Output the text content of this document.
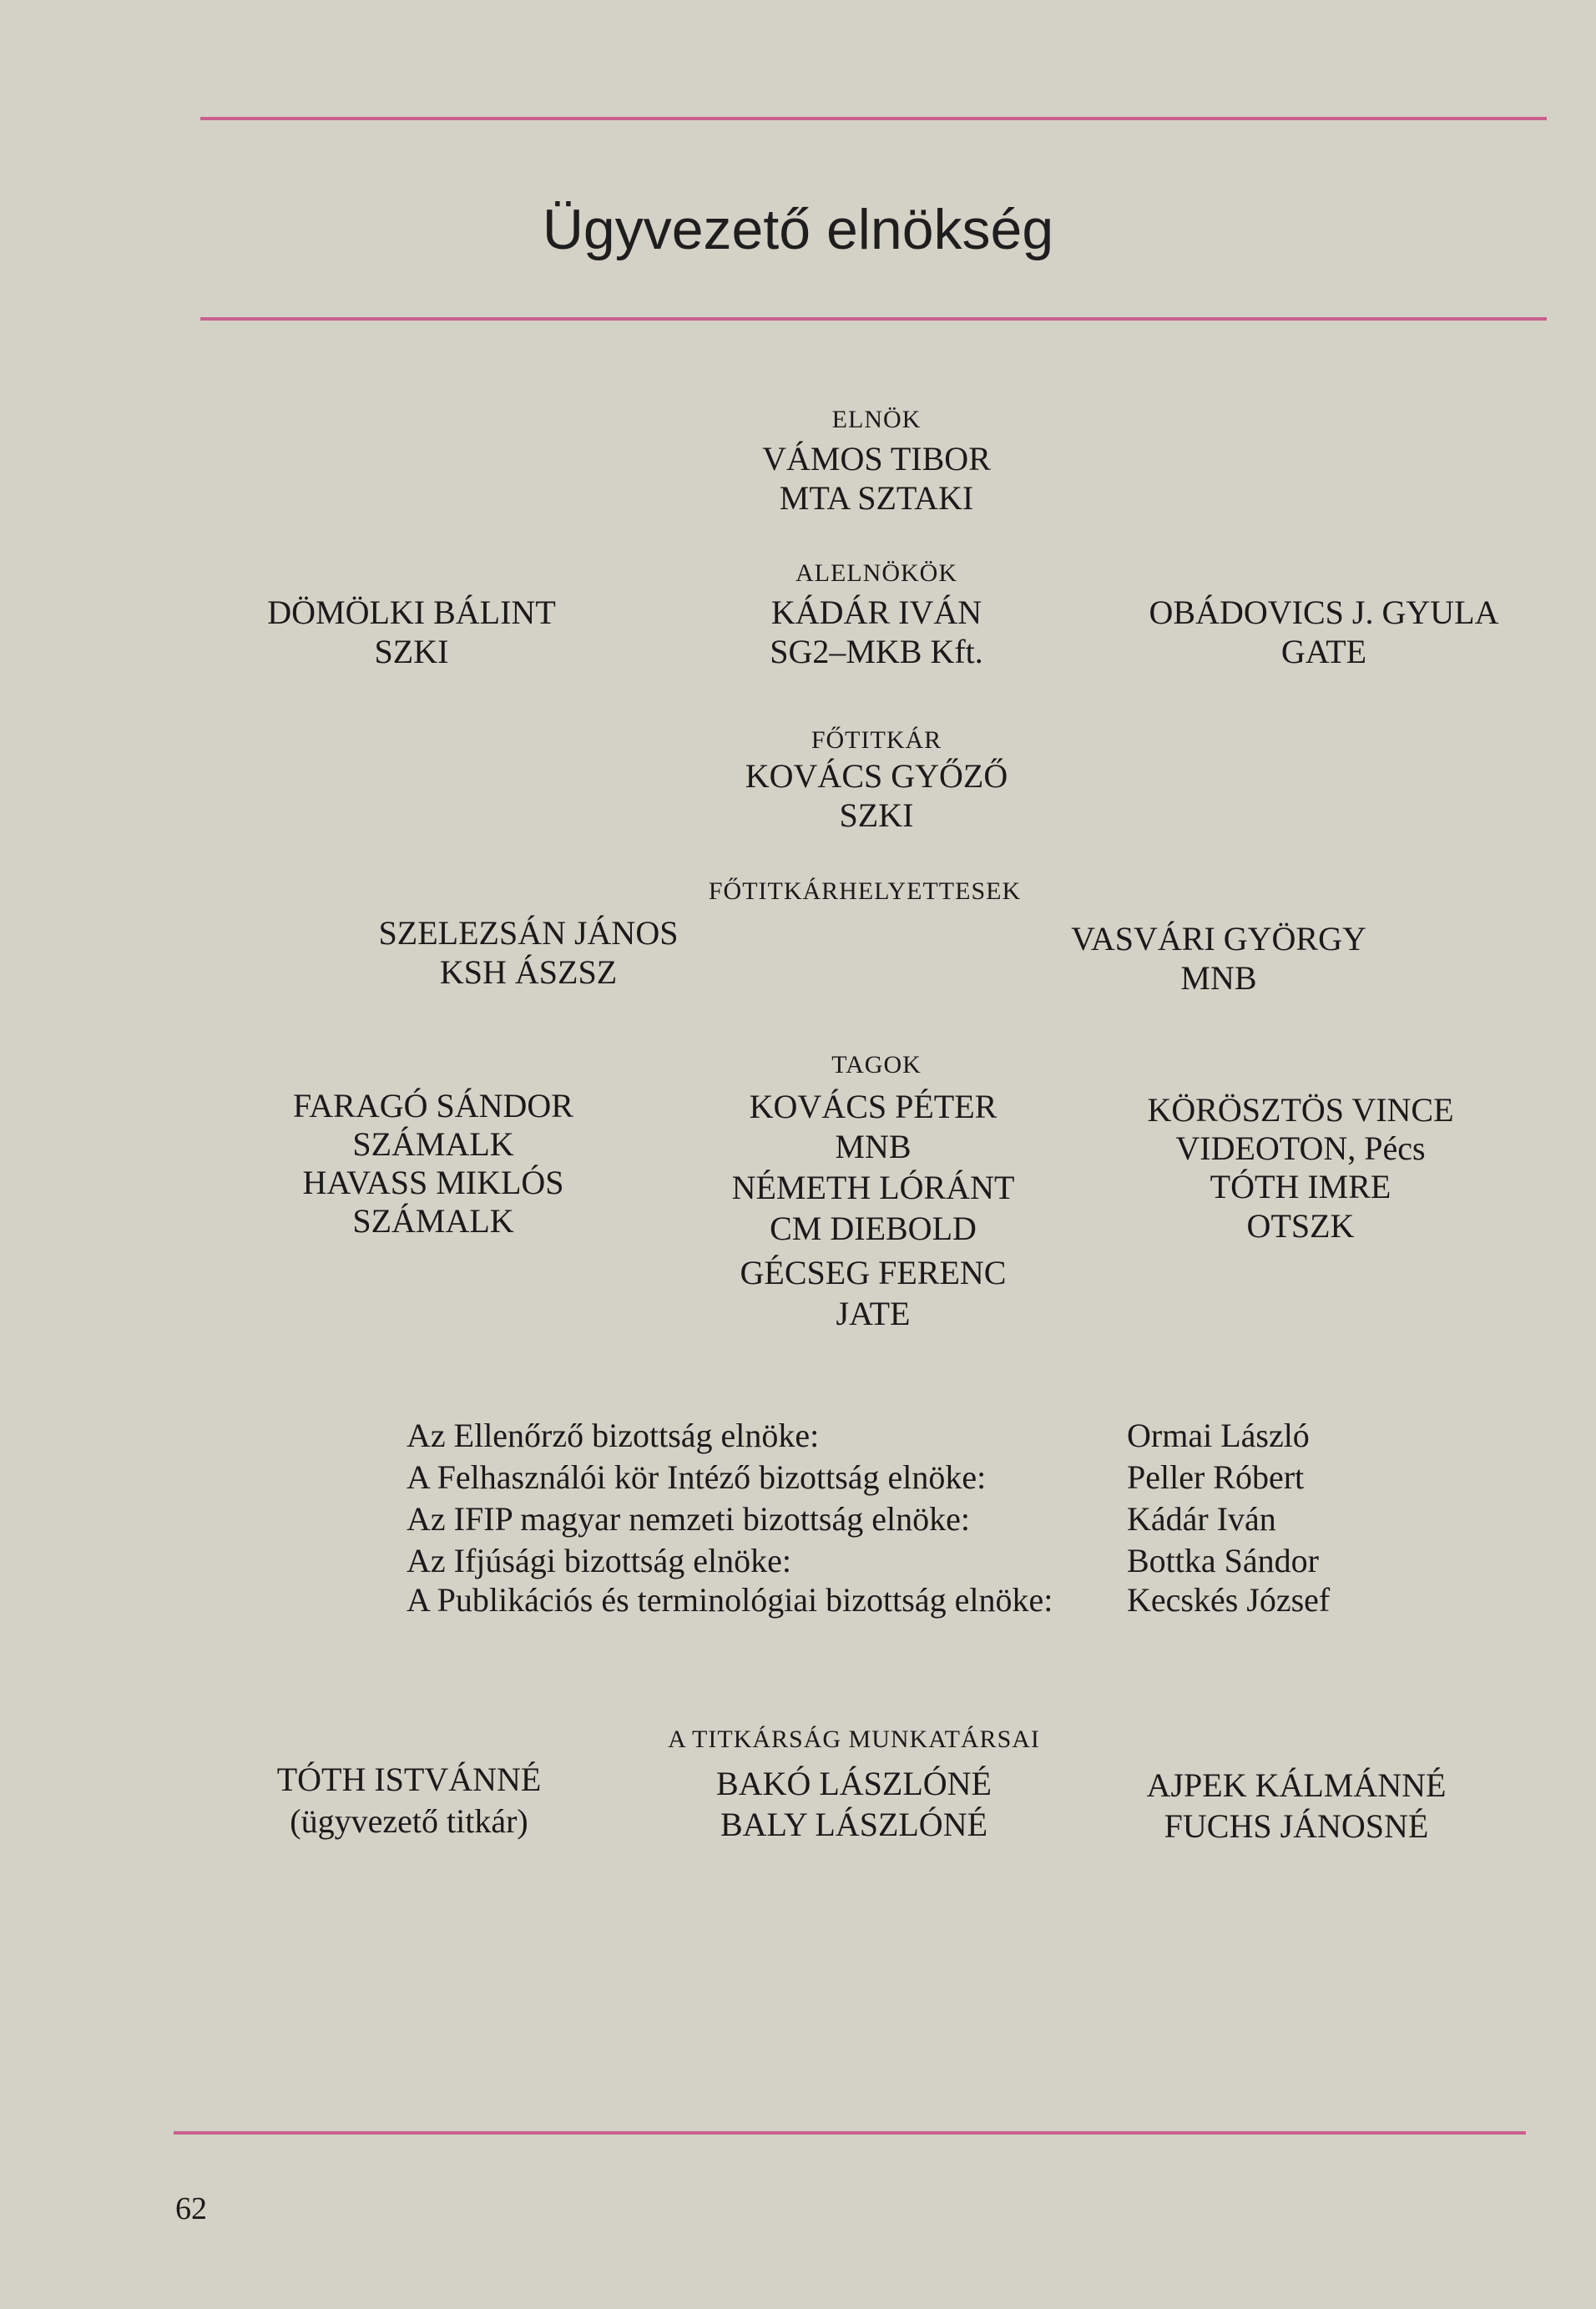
Ügyvezető elnökség
ELNÖK
VÁMOS TIBOR
MTA SZTAKI
ALELNÖKÖK
DÖMÖLKI BÁLINT
SZKI
KÁDÁR IVÁN
SG2–MKB Kft.
OBÁDOVICS J. GYULA
GATE
FŐTITKÁR
KOVÁCS GYŐZŐ
SZKI
FŐTITKÁRHELYETTESEK
SZELEZSÁN JÁNOS
KSH ÁSZSZ
VASVÁRI GYÖRGY
MNB
TAGOK
FARAGÓ SÁNDOR
SZÁMALK
HAVASS MIKLÓS
SZÁMALK
KOVÁCS PÉTER
MNB
NÉMETH LÓRÁNT
CM DIEBOLD
GÉCSEG FERENC
JATE
KÖRÖSZTÖS VINCE
VIDEOTON, Pécs
TÓTH IMRE
OTSZK
Az Ellenőrző bizottság elnöke:	Ormai László
A Felhasználói kör Intéző bizottság elnöke:	Peller Róbert
Az IFIP magyar nemzeti bizottság elnöke:	Kádár Iván
Az Ifjúsági bizottság elnöke:	Bottka Sándor
A Publikációs és terminológiai bizottság elnöke: Kecskés József
A TITKÁRSÁG MUNKATÁRSAI
TÓTH ISTVÁNNÉ
(ügyvezető titkár)
BAKÓ LÁSZLÓNÉ
BALY LÁSZLÓNÉ
AJPEK KÁLMÁNNÉ
FUCHS JÁNOSNÉ
62
